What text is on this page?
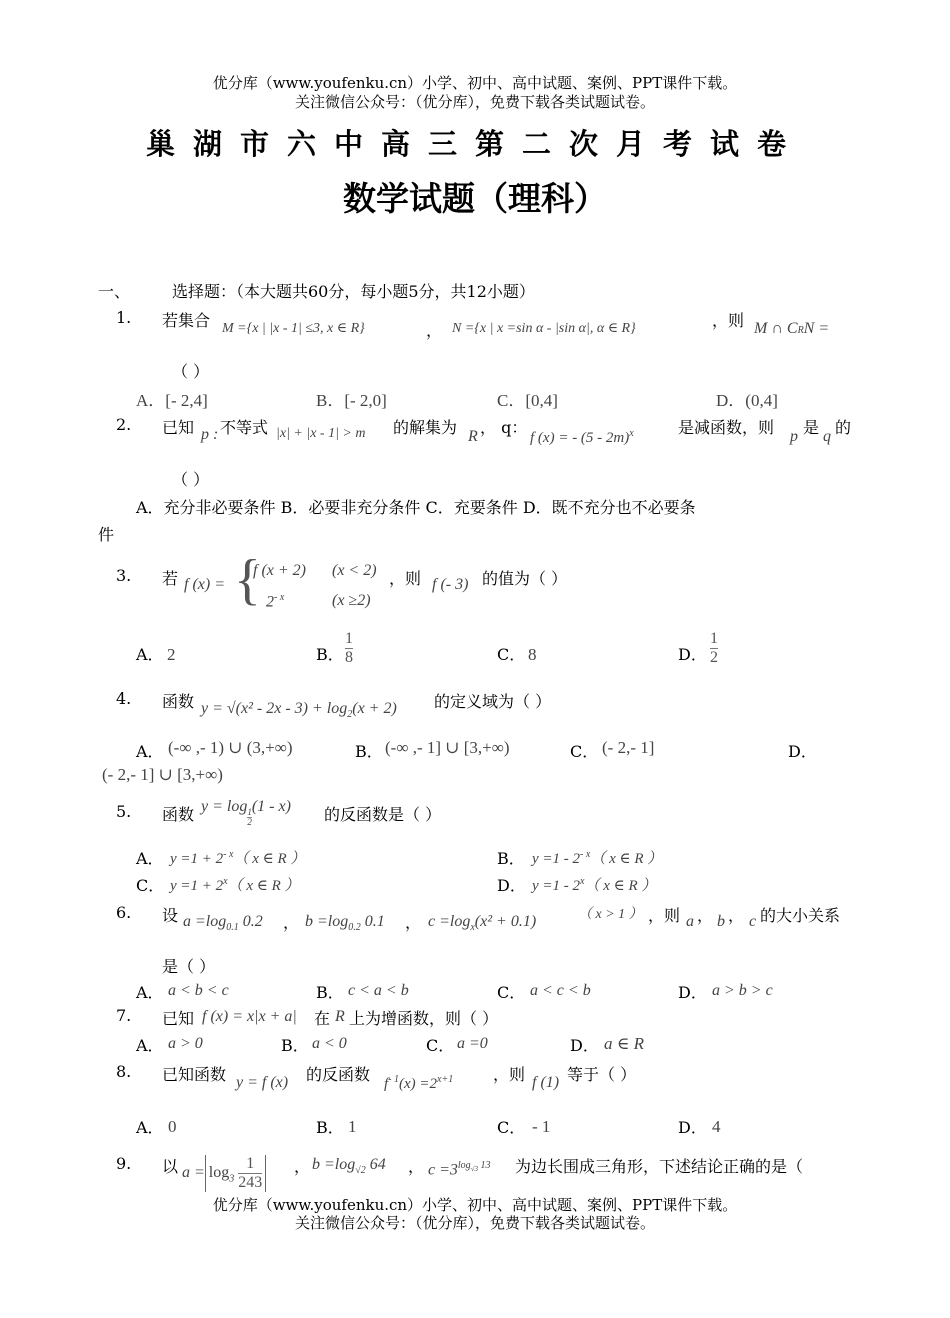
优分库（www.youfenku.cn）小学、初中、高中试题、案例、PPT课件下载。
关注微信公众号：（优分库），免费下载各类试题试卷。
巢湖市六中高三第二次月考试卷
数学试题（理科）
一、	选择题：（本大题共60分，每小题5分，共12小题）
1. 若集合 M ={x | |x - 1| ≤3, x ∈ R}	， N ={x | x =sin α - |sin α|, α ∈ R}	，则 M ∩ CRN =
（ ）
A．[- 2,4]	B．[- 2,0]	C．[0,4]	D．(0,4]
2. 已知 p : 不等式 |x| + |x - 1| > m 的解集为 R ， q：
f (x) = - (5 - 2m)$^x$	是减函数，则 p 是 q 的
（ ）
A．充分非必要条件 B．必要非充分条件 C．充要条件 D．既不充分也不必要条
件
3. 若 f (x) = {
f (x + 2) (x < 2)
$2^{- x}$	(x ≥2)
，则 f (- 3) 的值为（ ）
A． 2	B． $\frac{1}{8}$	C． 8	D． $\frac{1}{2}$
4. 函数 $y = √(x^2 - 2x - 3) + \log_2(x + 2)$ 的定义域为（ ）
A． (-∞ ,- 1) ∪ (3,+∞)	B． (-∞ ,- 1] ∪ [3,+∞)	C． (- 2,- 1]	D．
(- 2,- 1] ∪ [3,+∞)
5. 函数 y = log
$\frac{1}{2}$
(1 - x) 的反函数是（ ）
A． $y =1 + 2^{- x}$（ x ∈ R ）	B． $y =1 - 2^{- x}$（ x ∈ R ）
C． $y =1 + 2^x$（ x ∈ R ）	D． y =1 - 2$^x$（ x ∈ R ）
6. 设 $a =\log_{0.1}$ 0.2 ， $b =\log_{0.2}$ 0.1 ， $c =\log_x(x^2 + 0.1)$	（ x > 1 ） ，则 a ， b ， c 的大小关系
是（ ）
A． a < b < c	B． c < a < b	C． a < c < b	D． a > b > c
7. 已知 f (x) = x|x + a| 在 R 上为增函数，则（ ）
A． a > 0	B． a < 0	C． a =0	D． a ∈ R
8. 已知函数 y = f (x) 的反函数 $f^{- 1}(x) =2^{x+1}$ ，则 f (1) 等于（ ）
A． 0	B． 1	C． - 1	D． 4
9. 以 $a = \log_3 \frac{1}{243}$ ， $b =\log_{√2}$ 64 ， $c =3^{log_{√3} 13}$ 为边长围成三角形，下述结论正确的是（
优分库（www.youfenku.cn）小学、初中、高中试题、案例、PPT课件下载。
关注微信公众号：（优分库），免费下载各类试题试卷。
